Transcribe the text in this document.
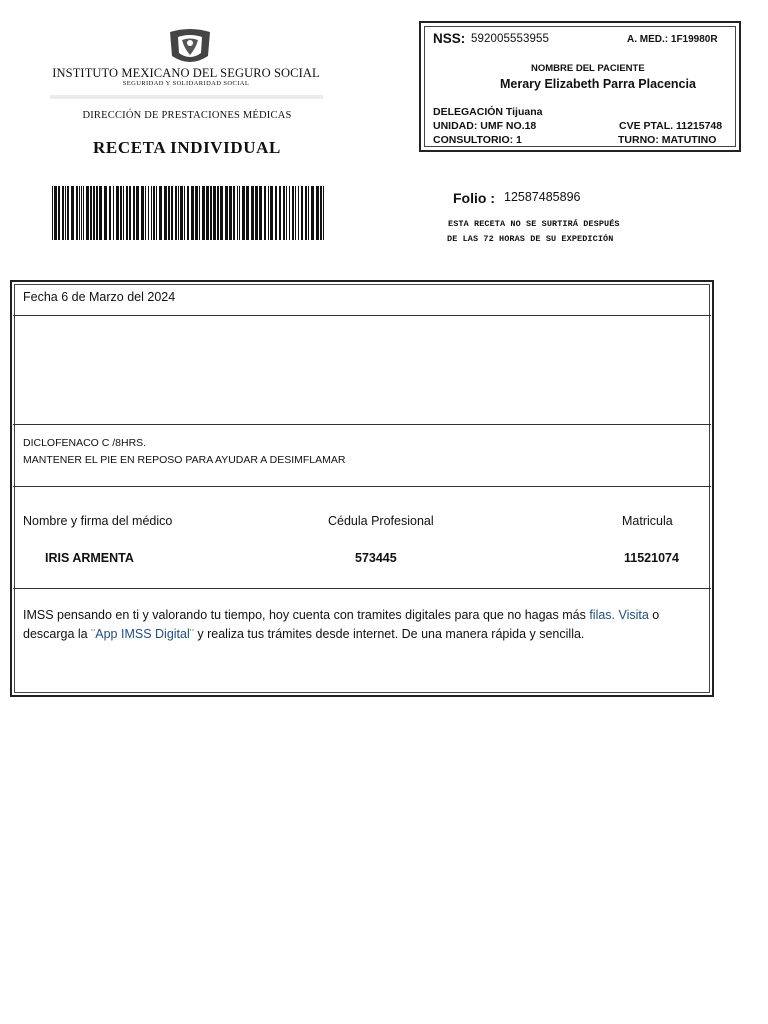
INSTITUTO MEXICANO DEL SEGURO SOCIAL
SEGURIDAD Y SOLIDARIDAD SOCIAL
DIRECCIÓN DE PRESTACIONES MÉDICAS
RECETA INDIVIDUAL
NSS: 592005553955	A. MED.: 1F19980R
NOMBRE DEL PACIENTE
Merary Elizabeth Parra Placencia
DELEGACIÓN Tijuana
UNIDAD: UMF NO.18
CONSULTORIO: 1
CVE PTAL. 11215748
TURNO: MATUTINO
Folio : 12587485896
ESTA RECETA NO SE SURTIRÁ DESPUÉS
DE LAS 72 HORAS DE SU EXPEDICIÓN
Fecha 6 de Marzo del 2024
DICLOFENACO C /8HRS.
MANTENER EL PIE EN REPOSO PARA AYUDAR A DESIMFLAMAR
Nombre y firma del médico	Cédula Profesional	Matricula
IRIS ARMENTA	573445	11521074
IMSS pensando en ti y valorando tu tiempo, hoy cuenta con tramites digitales para que no hagas más filas. Visita o descarga la ¨App IMSS Digital¨ y realiza tus trámites desde internet. De una manera rápida y sencilla.
